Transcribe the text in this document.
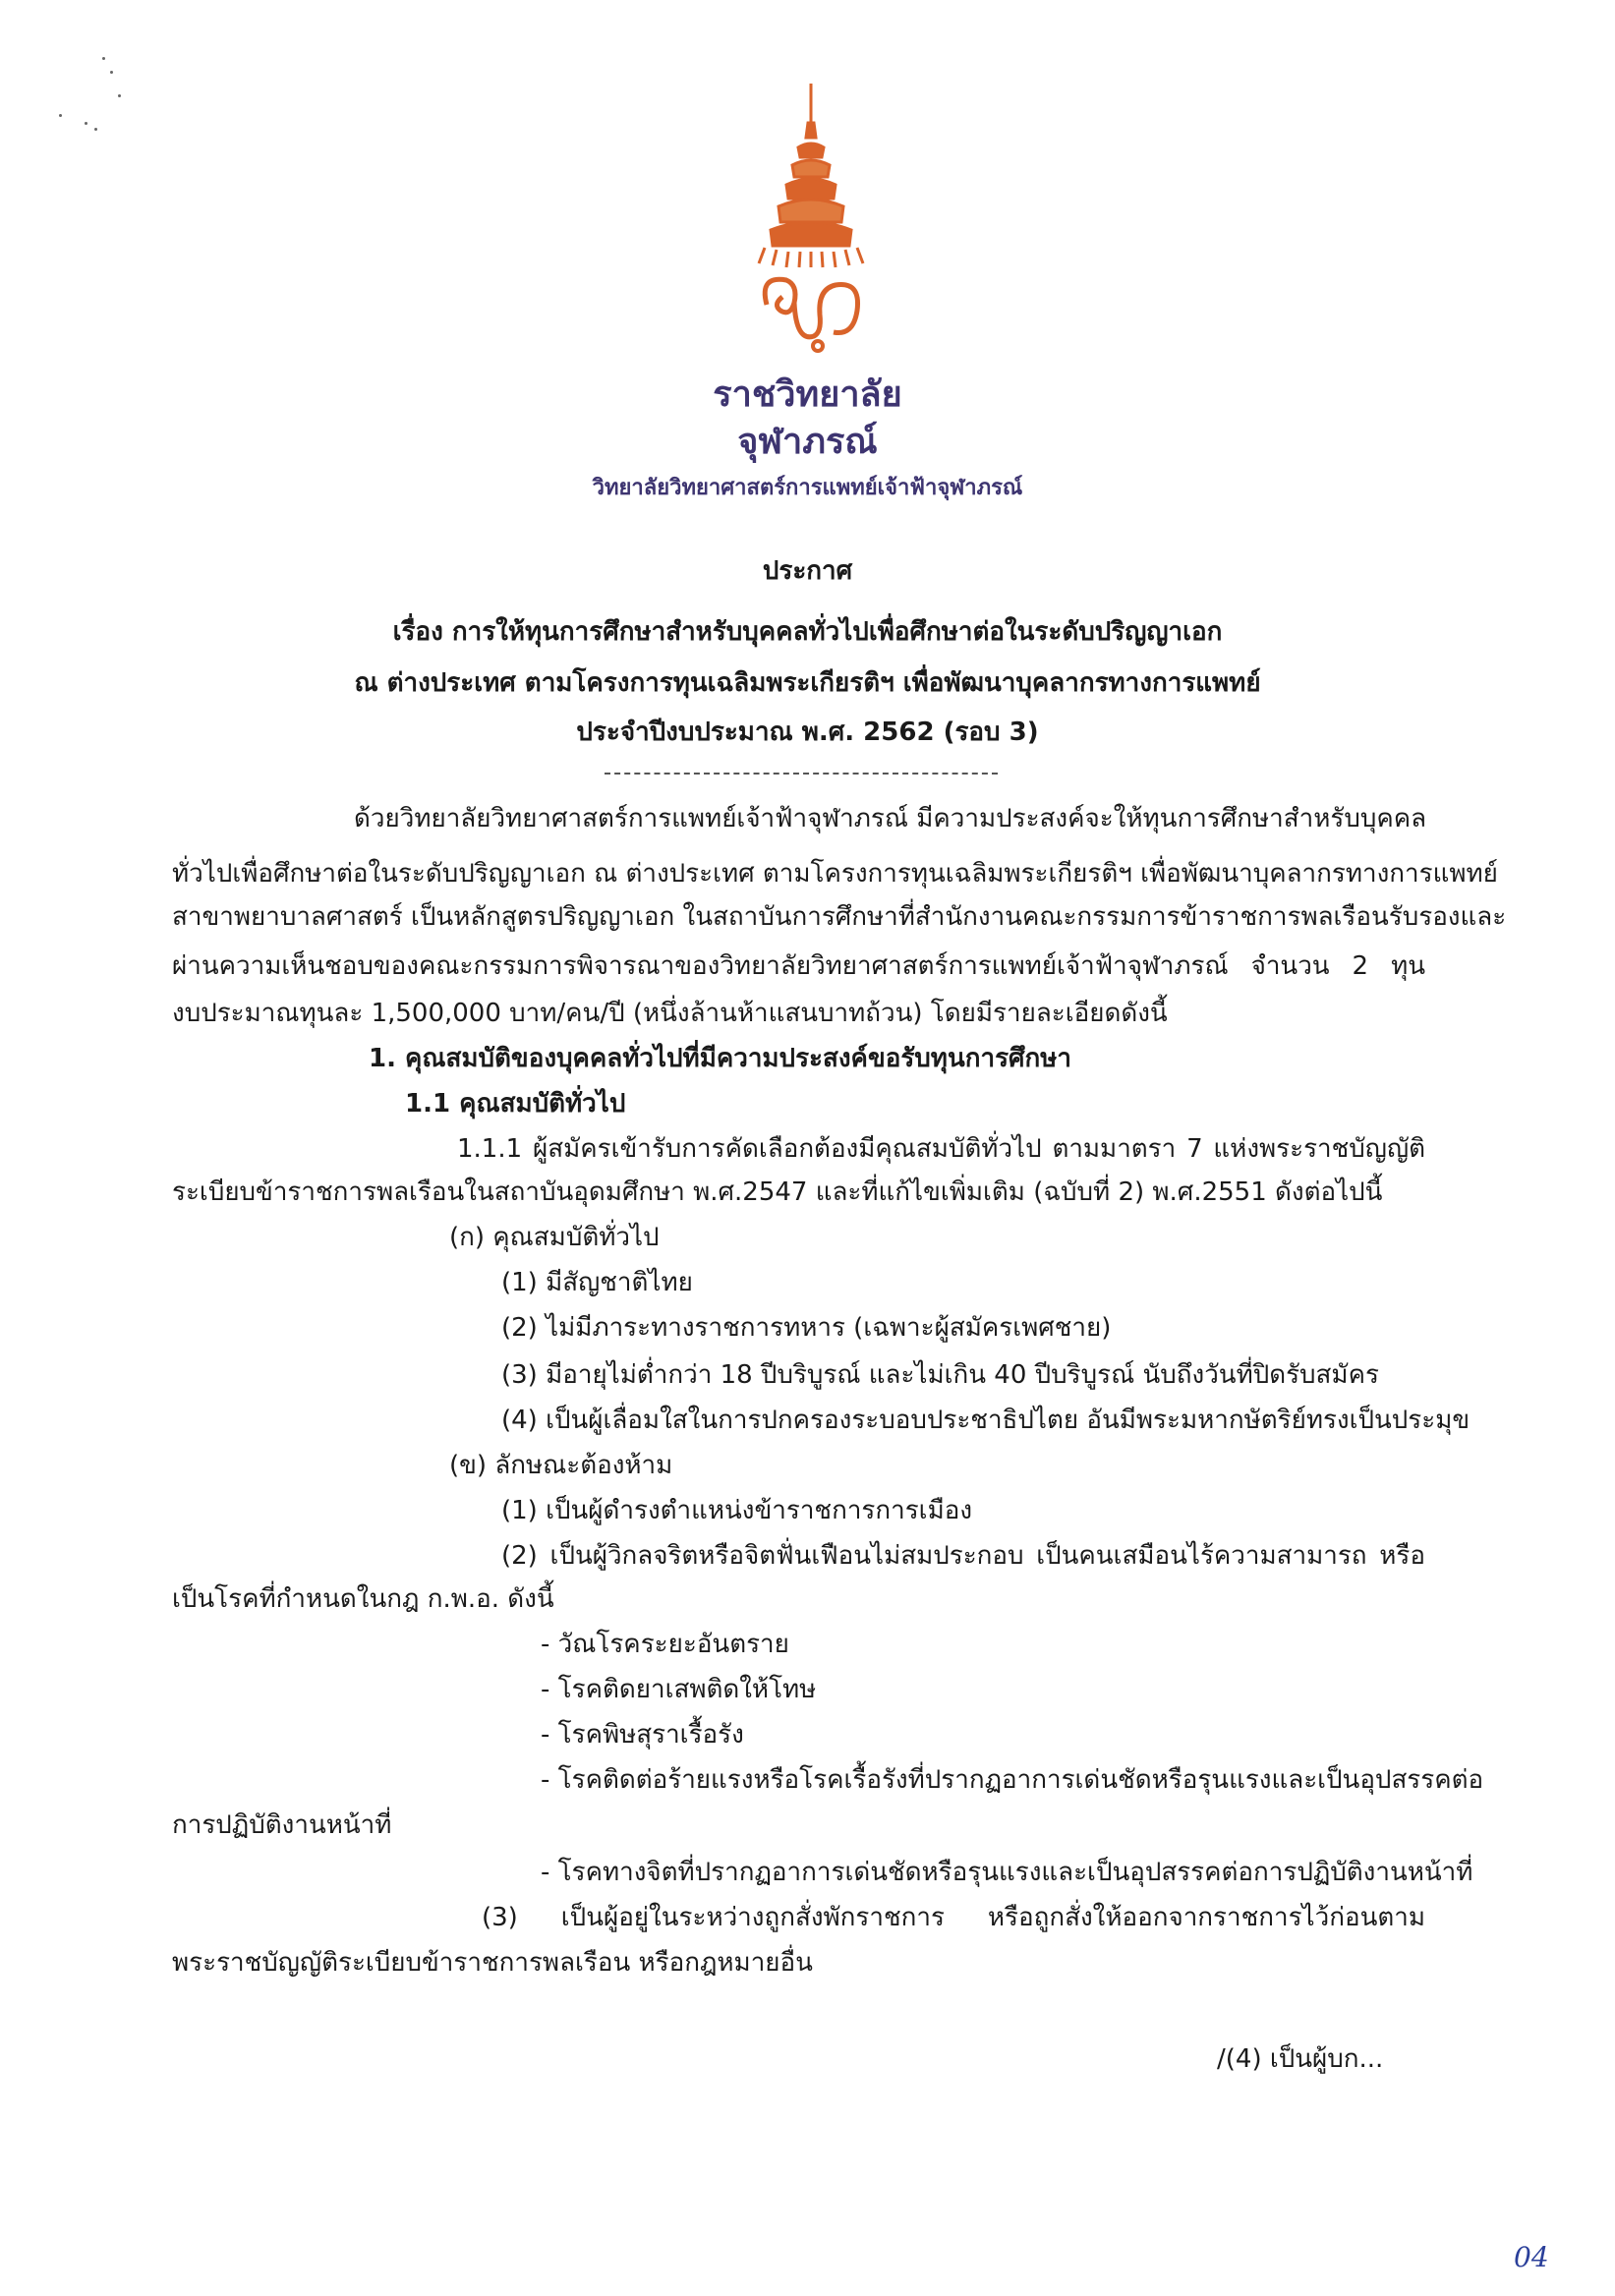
ราชวิทยาลัย
จุฬาภรณ์
วิทยาลัยวิทยาศาสตร์การแพทย์เจ้าฟ้าจุฬาภรณ์
ประกาศ
เรื่อง การให้ทุนการศึกษาสำหรับบุคคลทั่วไปเพื่อศึกษาต่อในระดับปริญญาเอก
ณ ต่างประเทศ ตามโครงการทุนเฉลิมพระเกียรติฯ เพื่อพัฒนาบุคลากรทางการแพทย์
ประจำปีงบประมาณ พ.ศ. 2562 (รอบ 3)
ด้วยวิทยาลัยวิทยาศาสตร์การแพทย์เจ้าฟ้าจุฬาภรณ์ มีความประสงค์จะให้ทุนการศึกษาสำหรับบุคคล
ทั่วไปเพื่อศึกษาต่อในระดับปริญญาเอก ณ ต่างประเทศ ตามโครงการทุนเฉลิมพระเกียรติฯ เพื่อพัฒนาบุคลากรทางการแพทย์
สาขาพยาบาลศาสตร์ เป็นหลักสูตรปริญญาเอก ในสถาบันการศึกษาที่สำนักงานคณะกรรมการข้าราชการพลเรือนรับรองและ
ผ่านความเห็นชอบของคณะกรรมการพิจารณาของวิทยาลัยวิทยาศาสตร์การแพทย์เจ้าฟ้าจุฬาภรณ์ จำนวน 2 ทุน
งบประมาณทุนละ 1,500,000 บาท/คน/ปี (หนึ่งล้านห้าแสนบาทถ้วน) โดยมีรายละเอียดดังนี้
1. คุณสมบัติของบุคคลทั่วไปที่มีความประสงค์ขอรับทุนการศึกษา
1.1 คุณสมบัติทั่วไป
1.1.1 ผู้สมัครเข้ารับการคัดเลือกต้องมีคุณสมบัติทั่วไป ตามมาตรา 7 แห่งพระราชบัญญัติ
ระเบียบข้าราชการพลเรือนในสถาบันอุดมศึกษา พ.ศ.2547 และที่แก้ไขเพิ่มเติม (ฉบับที่ 2) พ.ศ.2551 ดังต่อไปนี้
(ก) คุณสมบัติทั่วไป
(1) มีสัญชาติไทย
(2) ไม่มีภาระทางราชการทหาร (เฉพาะผู้สมัครเพศชาย)
(3) มีอายุไม่ต่ำกว่า 18 ปีบริบูรณ์ และไม่เกิน 40 ปีบริบูรณ์ นับถึงวันที่ปิดรับสมัคร
(4) เป็นผู้เลื่อมใสในการปกครองระบอบประชาธิปไตย อันมีพระมหากษัตริย์ทรงเป็นประมุข
(ข) ลักษณะต้องห้าม
(1) เป็นผู้ดำรงตำแหน่งข้าราชการการเมือง
(2) เป็นผู้วิกลจริตหรือจิตฟั่นเฟือนไม่สมประกอบ เป็นคนเสมือนไร้ความสามารถ หรือ
เป็นโรคที่กำหนดในกฎ ก.พ.อ. ดังนี้
- วัณโรคระยะอันตราย
- โรคติดยาเสพติดให้โทษ
- โรคพิษสุราเรื้อรัง
- โรคติดต่อร้ายแรงหรือโรคเรื้อรังที่ปรากฏอาการเด่นชัดหรือรุนแรงและเป็นอุปสรรคต่อ
การปฏิบัติงานหน้าที่
- โรคทางจิตที่ปรากฏอาการเด่นชัดหรือรุนแรงและเป็นอุปสรรคต่อการปฏิบัติงานหน้าที่
(3) เป็นผู้อยู่ในระหว่างถูกสั่งพักราชการ หรือถูกสั่งให้ออกจากราชการไว้ก่อนตาม
พระราชบัญญัติระเบียบข้าราชการพลเรือน หรือกฎหมายอื่น
/(4) เป็นผู้บก...
04
